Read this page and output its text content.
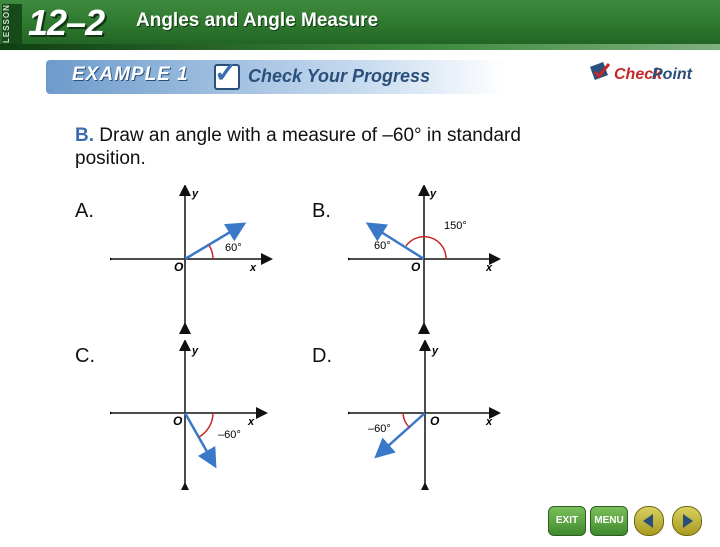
LESSON 12–2 Angles and Angle Measure
EXAMPLE 1 ✓ Check Your Progress	Check
Point
B. Draw an angle with a measure of –60° in standard position.
A.
O	x
y
60°
B.
O	x
y
60°
150°
C.
O	x
y
–60°
D.
O	x
y
–60°
EXIT	MENU
